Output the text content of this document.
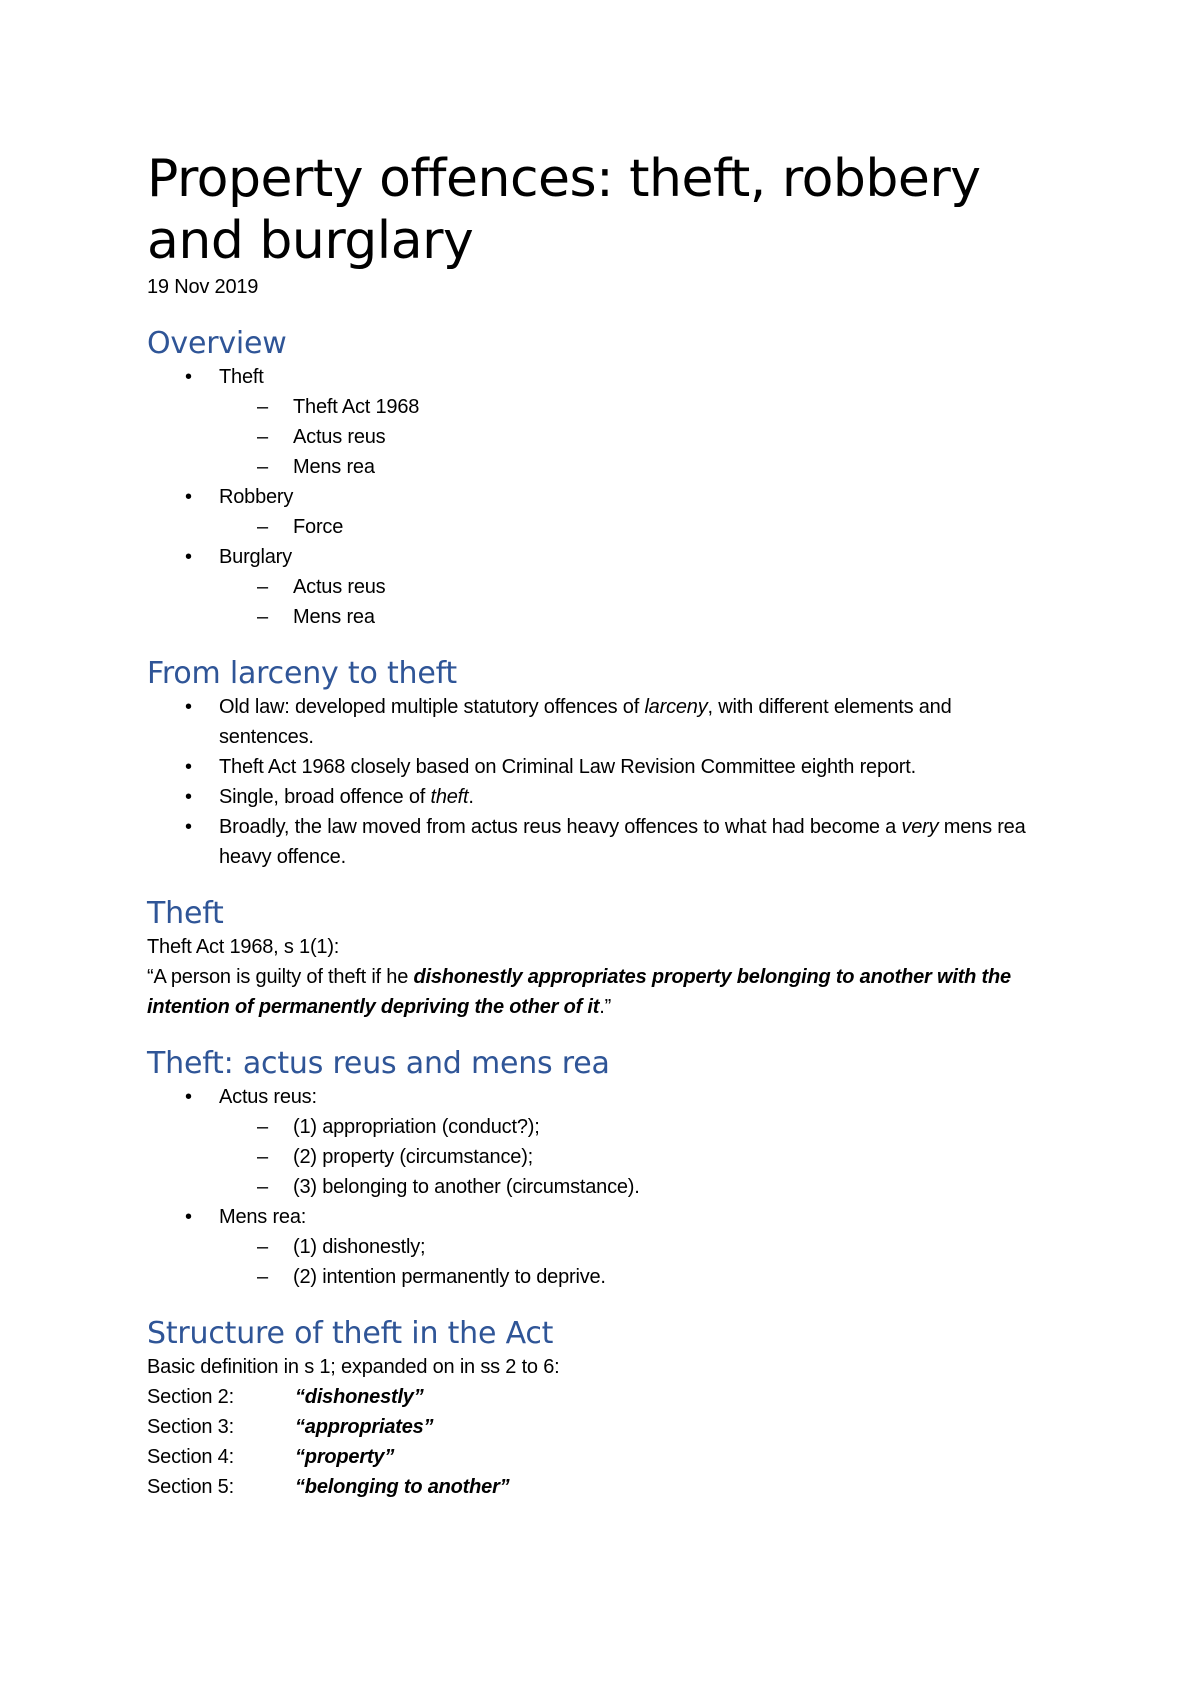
Property offences: theft, robbery
and burglary
19 Nov 2019
Overview
• Theft
– Theft Act 1968
– Actus reus
– Mens rea
• Robbery
– Force
• Burglary
– Actus reus
– Mens rea
From larceny to theft
• Old law: developed multiple statutory offences of larceny, with different elements and sentences.
• Theft Act 1968 closely based on Criminal Law Revision Committee eighth report.
• Single, broad offence of theft.
• Broadly, the law moved from actus reus heavy offences to what had become a very mens rea heavy offence.
Theft
Theft Act 1968, s 1(1):
“A person is guilty of theft if he dishonestly appropriates property belonging to another with the intention of permanently depriving the other of it.”
Theft: actus reus and mens rea
• Actus reus:
– (1) appropriation (conduct?);
– (2) property (circumstance);
– (3) belonging to another (circumstance).
• Mens rea:
– (1) dishonestly;
– (2) intention permanently to deprive.
Structure of theft in the Act
Basic definition in s 1; expanded on in ss 2 to 6:
Section 2:	“dishonestly”
Section 3:	“appropriates”
Section 4:	“property”
Section 5:	“belonging to another”
